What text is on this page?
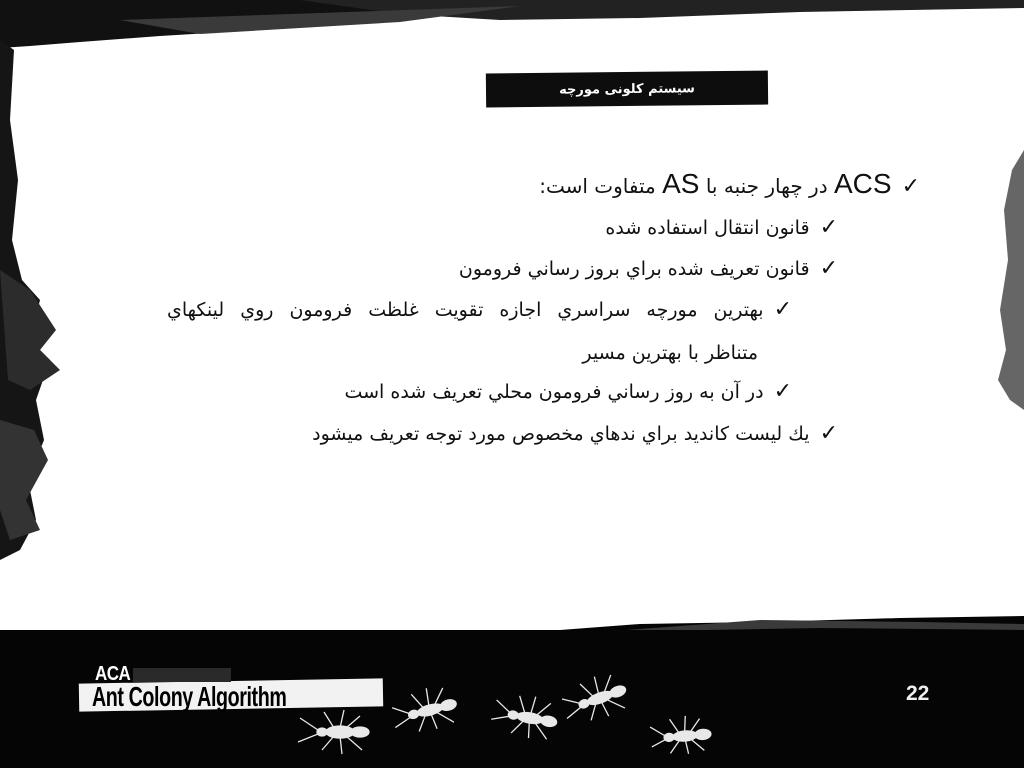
سیستم کلونی مورچه
✓ACS در چهار جنبه با AS متفاوت است:
✓قانون انتقال استفاده شده
✓قانون تعريف شده براي بروز رساني فرومون
✓بهترين مورچه سراسري اجازه تقويت غلظت فرومون روي لينكهاي
متناظر با بهترين مسير
✓در آن به روز رساني فرومون محلي تعريف شده است
✓يك ليست كانديد براي ندهاي مخصوص مورد توجه تعريف ميشود
ACA
Ant Colony Algorithm	22
